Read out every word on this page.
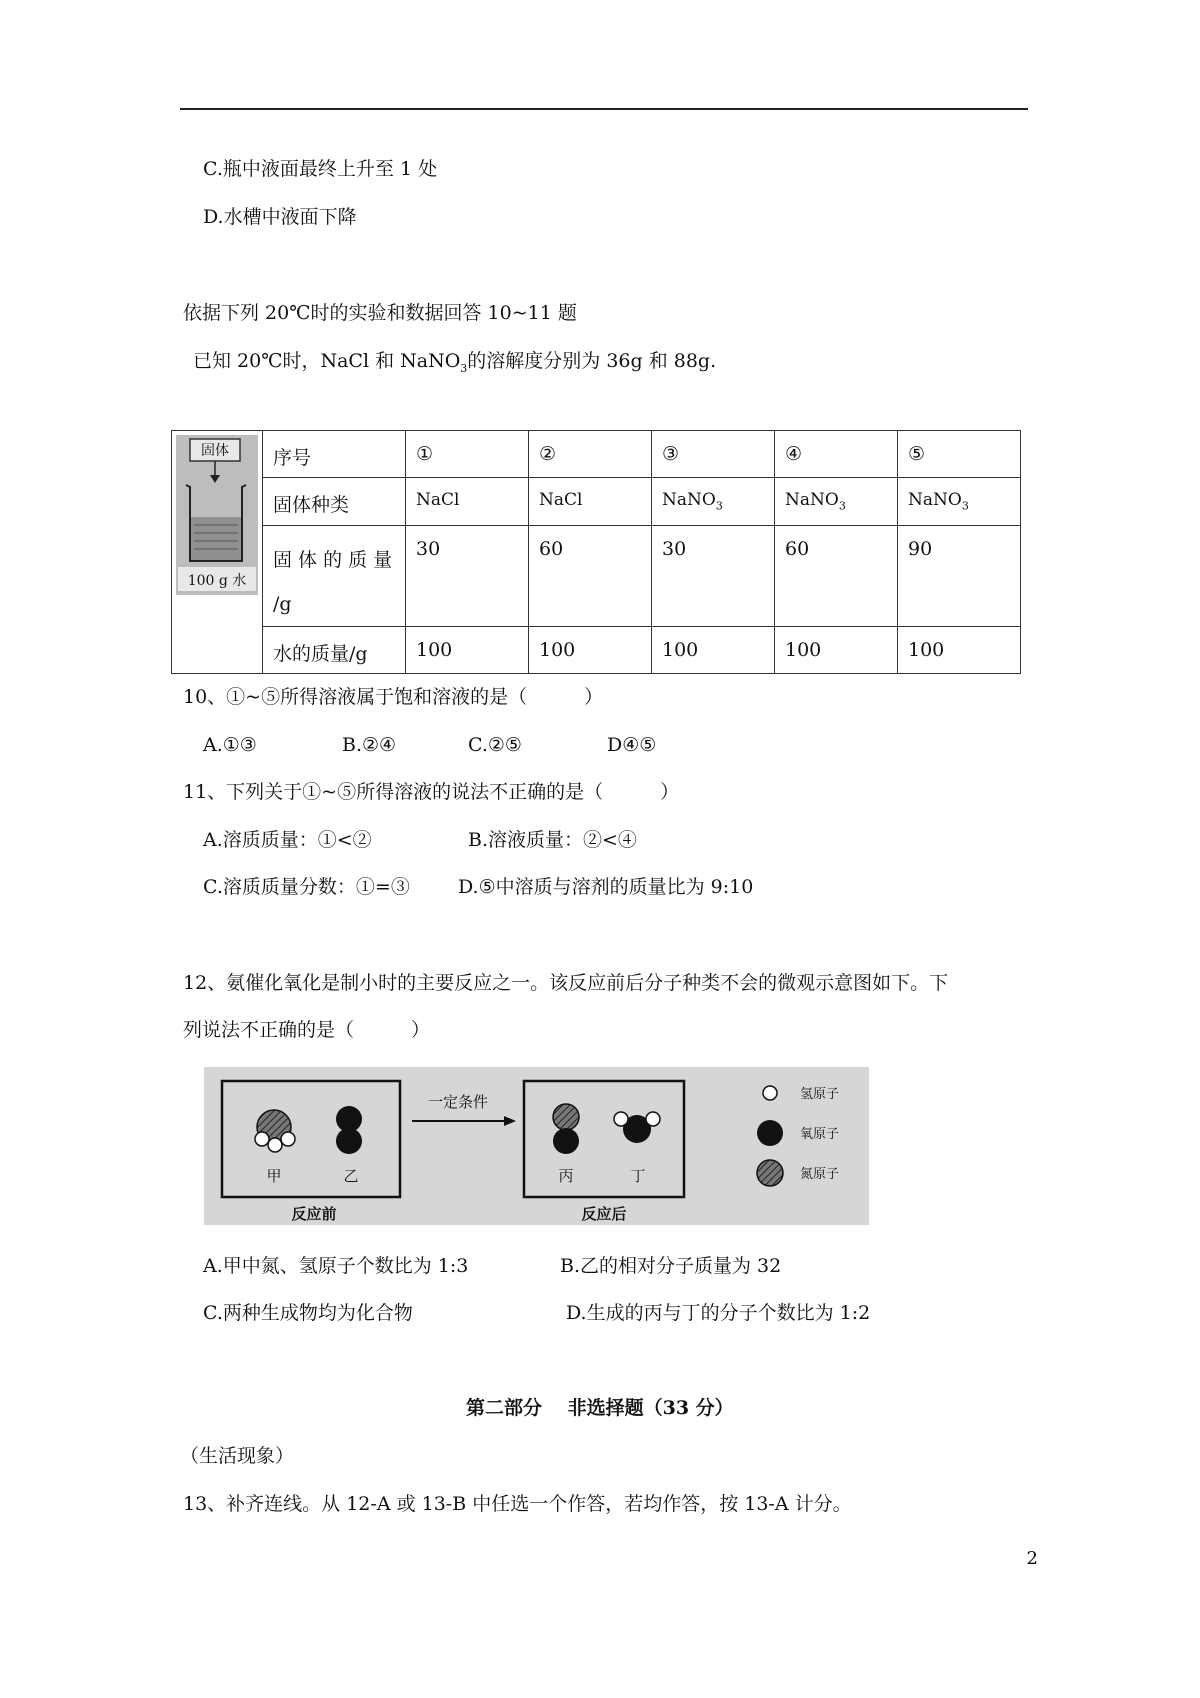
C.瓶中液面最终上升至 1 处
D.水槽中液面下降
依据下列 20℃时的实验和数据回答 10~11 题
已知 20℃时，NaCl 和 NaNO$_3$的溶解度分别为 36g 和 88g.
固体
100 g 水	序号	①	②	③	④	⑤
	固体种类	NaCl	NaCl	NaNO$_3$	NaNO$_3$	NaNO$_3$

	固 体 的 质 量
/g	30	60	30	60	90
	水的质量/g	100	100	100	100	100
10、①~⑤所得溶液属于饱和溶液的是（　　　）
A.①③	B.②④	C.②⑤	D④⑤
11、下列关于①~⑤所得溶液的说法不正确的是（　　　）
A.溶质质量：①<②	B.溶液质量：②<④
C.溶质质量分数：①=③	D.⑤中溶质与溶剂的质量比为 9:10
12、氨催化氧化是制小时的主要反应之一。该反应前后分子种类不会的微观示意图如下。下
列说法不正确的是（　　　）
甲	乙
一定条件
丙	丁
反应前	反应后
氢原子
氧原子
氮原子
A.甲中氮、氢原子个数比为 1:3	B.乙的相对分子质量为 32
C.两种生成物均为化合物	D.生成的丙与丁的分子个数比为 1:2
第二部分　 非选择题（33 分）
（生活现象）
13、补齐连线。从 12-A 或 13-B 中任选一个作答，若均作答，按 13-A 计分。
2
